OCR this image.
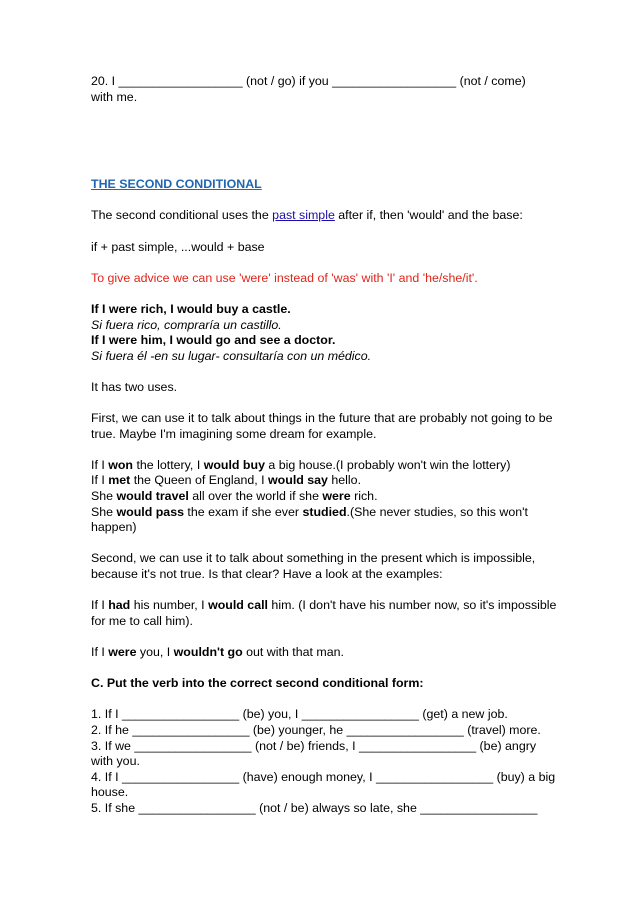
20. I __________________ (not / go) if you __________________ (not / come)
with me.

THE SECOND CONDITIONAL

The second conditional uses the past simple after if, then 'would' and the base:

if + past simple, ...would + base

To give advice we can use 'were' instead of 'was' with 'I' and 'he/she/it'.

If I were rich, I would buy a castle.
Si fuera rico, compraría un castillo.
If I were him, I would go and see a doctor.
Si fuera él -en su lugar- consultaría con un médico.

It has two uses.

First, we can use it to talk about things in the future that are probably not going to be true. Maybe I'm imagining some dream for example.

If I won the lottery, I would buy a big house.(I probably won't win the lottery)
If I met the Queen of England, I would say hello.
She would travel all over the world if she were rich.
She would pass the exam if she ever studied.(She never studies, so this won't happen)

Second, we can use it to talk about something in the present which is impossible, because it's not true. Is that clear? Have a look at the examples:

If I had his number, I would call him. (I don't have his number now, so it's impossible for me to call him).

If I were you, I wouldn't go out with that man.

C. Put the verb into the correct second conditional form:

1. If I _________________ (be) you, I _________________ (get) a new job.
2. If he _________________ (be) younger, he _________________ (travel) more.
3. If we _________________ (not / be) friends, I _________________ (be) angry with you.
4. If I _________________ (have) enough money, I _________________ (buy) a big house.
5. If she _________________ (not / be) always so late, she _________________
